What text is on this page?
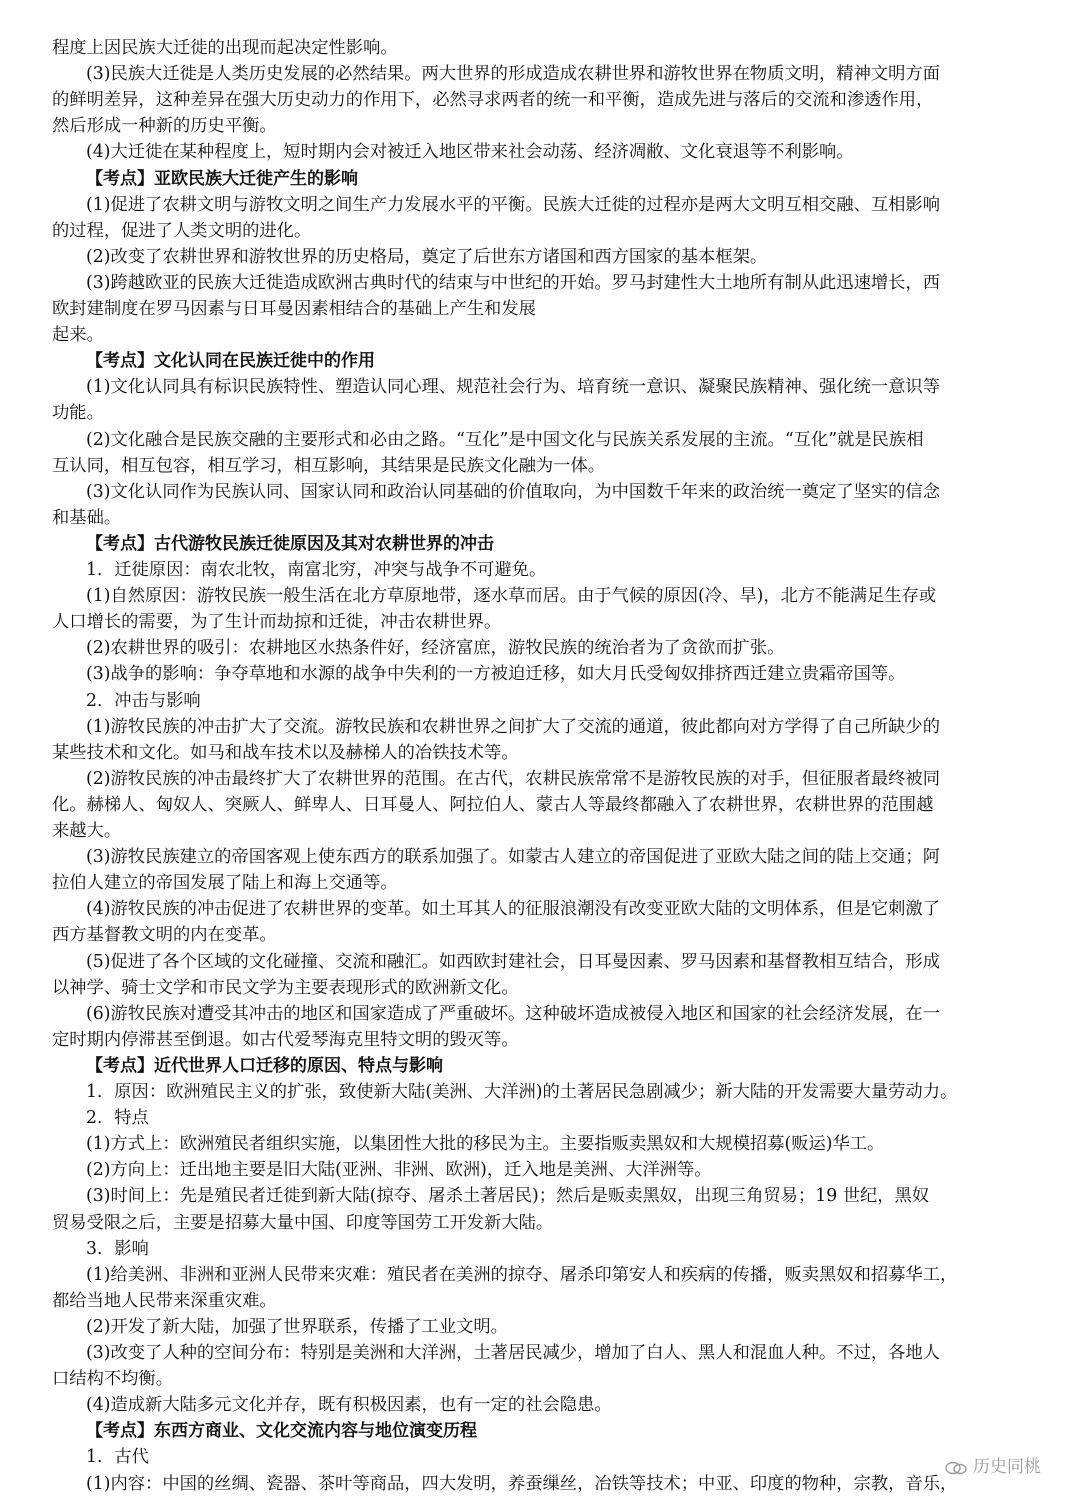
程度上因民族大迁徙的出现而起决定性影响。
(3)民族大迁徙是人类历史发展的必然结果。两大世界的形成造成农耕世界和游牧世界在物质文明，精神文明方面
的鲜明差异，这种差异在强大历史动力的作用下，必然寻求两者的统一和平衡，造成先进与落后的交流和渗透作用，
然后形成一种新的历史平衡。
(4)大迁徙在某种程度上，短时期内会对被迁入地区带来社会动荡、经济凋敝、文化衰退等不利影响。
【考点】亚欧民族大迁徙产生的影响
(1)促进了农耕文明与游牧文明之间生产力发展水平的平衡。民族大迁徙的过程亦是两大文明互相交融、互相影响
的过程，促进了人类文明的进化。
(2)改变了农耕世界和游牧世界的历史格局，奠定了后世东方诸国和西方国家的基本框架。
(3)跨越欧亚的民族大迁徙造成欧洲古典时代的结束与中世纪的开始。罗马封建性大土地所有制从此迅速增长，西
欧封建制度在罗马因素与日耳曼因素相结合的基础上产生和发展
起来。
【考点】文化认同在民族迁徙中的作用
(1)文化认同具有标识民族特性、塑造认同心理、规范社会行为、培育统一意识、凝聚民族精神、强化统一意识等
功能。
(2)文化融合是民族交融的主要形式和必由之路。“互化”是中国文化与民族关系发展的主流。“互化”就是民族相
互认同，相互包容，相互学习，相互影响，其结果是民族文化融为一体。
(3)文化认同作为民族认同、国家认同和政治认同基础的价值取向，为中国数千年来的政治统一奠定了坚实的信念
和基础。
【考点】古代游牧民族迁徙原因及其对农耕世界的冲击
1．迁徙原因：南农北牧，南富北穷，冲突与战争不可避免。
(1)自然原因：游牧民族一般生活在北方草原地带，逐水草而居。由于气候的原因(冷、旱)，北方不能满足生存或
人口增长的需要，为了生计而劫掠和迁徙，冲击农耕世界。
(2)农耕世界的吸引：农耕地区水热条件好，经济富庶，游牧民族的统治者为了贪欲而扩张。
(3)战争的影响：争夺草地和水源的战争中失利的一方被迫迁移，如大月氏受匈奴排挤西迁建立贵霜帝国等。
2．冲击与影响
(1)游牧民族的冲击扩大了交流。游牧民族和农耕世界之间扩大了交流的通道，彼此都向对方学得了自己所缺少的
某些技术和文化。如马和战车技术以及赫梯人的冶铁技术等。
(2)游牧民族的冲击最终扩大了农耕世界的范围。在古代，农耕民族常常不是游牧民族的对手，但征服者最终被同
化。赫梯人、匈奴人、突厥人、鲜卑人、日耳曼人、阿拉伯人、蒙古人等最终都融入了农耕世界，农耕世界的范围越
来越大。
(3)游牧民族建立的帝国客观上使东西方的联系加强了。如蒙古人建立的帝国促进了亚欧大陆之间的陆上交通；阿
拉伯人建立的帝国发展了陆上和海上交通等。
(4)游牧民族的冲击促进了农耕世界的变革。如土耳其人的征服浪潮没有改变亚欧大陆的文明体系，但是它刺激了
西方基督教文明的内在变革。
(5)促进了各个区域的文化碰撞、交流和融汇。如西欧封建社会，日耳曼因素、罗马因素和基督教相互结合，形成
以神学、骑士文学和市民文学为主要表现形式的欧洲新文化。
(6)游牧民族对遭受其冲击的地区和国家造成了严重破坏。这种破坏造成被侵入地区和国家的社会经济发展，在一
定时期内停滞甚至倒退。如古代爱琴海克里特文明的毁灭等。
【考点】近代世界人口迁移的原因、特点与影响
1．原因：欧洲殖民主义的扩张，致使新大陆(美洲、大洋洲)的土著居民急剧减少；新大陆的开发需要大量劳动力。
2．特点
(1)方式上：欧洲殖民者组织实施，以集团性大批的移民为主。主要指贩卖黑奴和大规模招募(贩运)华工。
(2)方向上：迁出地主要是旧大陆(亚洲、非洲、欧洲)，迁入地是美洲、大洋洲等。
(3)时间上：先是殖民者迁徙到新大陆(掠夺、屠杀土著居民)；然后是贩卖黑奴，出现三角贸易；19 世纪，黑奴
贸易受限之后，主要是招募大量中国、印度等国劳工开发新大陆。
3．影响
(1)给美洲、非洲和亚洲人民带来灾难：殖民者在美洲的掠夺、屠杀印第安人和疾病的传播，贩卖黑奴和招募华工，
都给当地人民带来深重灾难。
(2)开发了新大陆，加强了世界联系，传播了工业文明。
(3)改变了人种的空间分布：特别是美洲和大洋洲，土著居民减少，增加了白人、黑人和混血人种。不过，各地人
口结构不均衡。
(4)造成新大陆多元文化并存，既有积极因素，也有一定的社会隐患。
【考点】东西方商业、文化交流内容与地位演变历程
1．古代
(1)内容：中国的丝绸、瓷器、茶叶等商品，四大发明，养蚕缫丝，冶铁等技术；中亚、印度的物种，宗教，音乐，
历史同桃
